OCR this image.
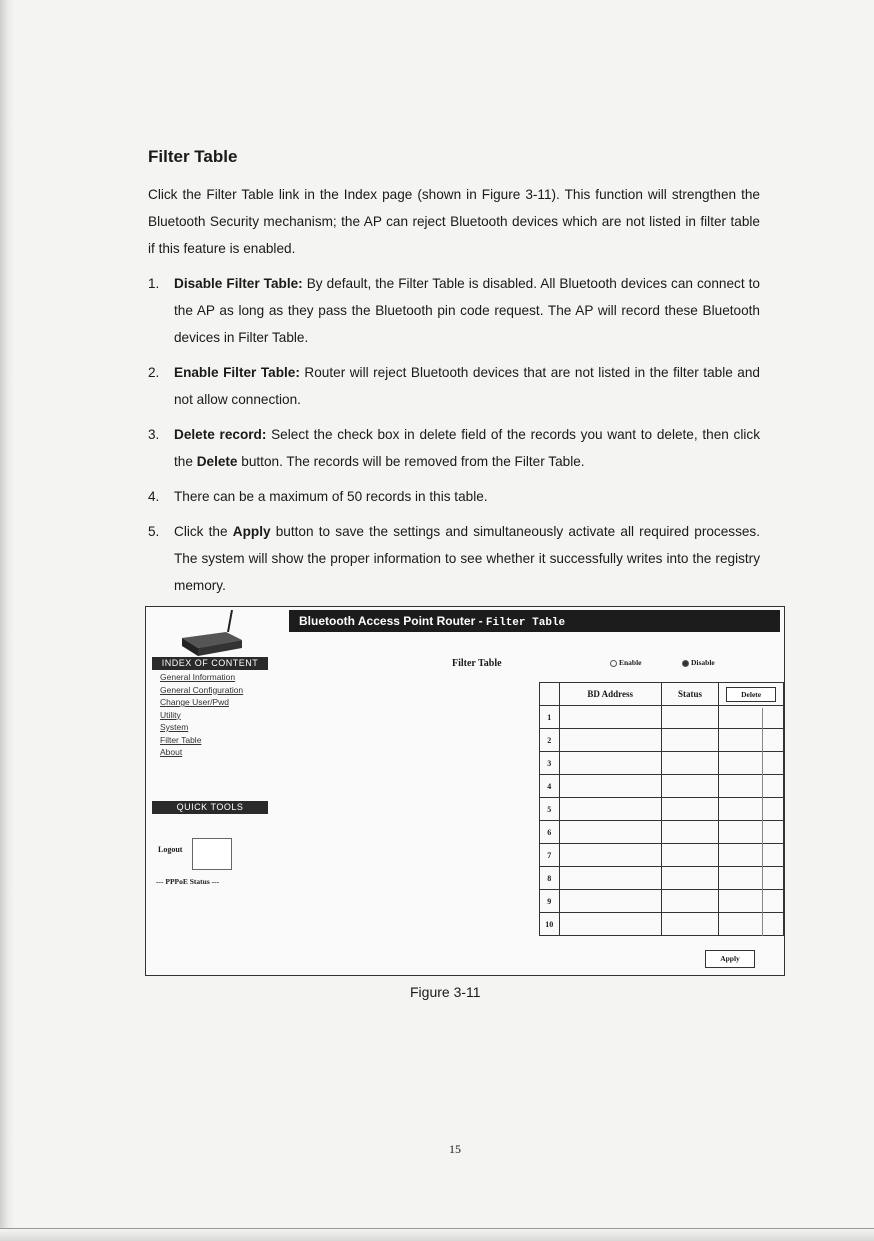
Filter Table
Click the Filter Table link in the Index page (shown in Figure 3-11). This function will strengthen the Bluetooth Security mechanism; the AP can reject Bluetooth devices which are not listed in filter table if this feature is enabled.
1. Disable Filter Table: By default, the Filter Table is disabled. All Bluetooth devices can connect to the AP as long as they pass the Bluetooth pin code request. The AP will record these Bluetooth devices in Filter Table.
2. Enable Filter Table: Router will reject Bluetooth devices that are not listed in the filter table and not allow connection.
3. Delete record: Select the check box in delete field of the records you want to delete, then click the Delete button. The records will be removed from the Filter Table.
4. There can be a maximum of 50 records in this table.
5. Click the Apply button to save the settings and simultaneously activate all required processes. The system will show the proper information to see whether it successfully writes into the registry memory.
Bluetooth Access Point Router - Filter Table
INDEX OF CONTENT
General Information
General Configuration
Change User/Pwd
Utility
System
Filter Table
About
QUICK TOOLS
Logout
--- PPPoE Status ---
Filter Table	Enable	Disable
	BD Address	Status	Delete
1			
2			
3			
4			
5			
6			
7			
8			
9			
10			
Apply
Figure 3-11
15
